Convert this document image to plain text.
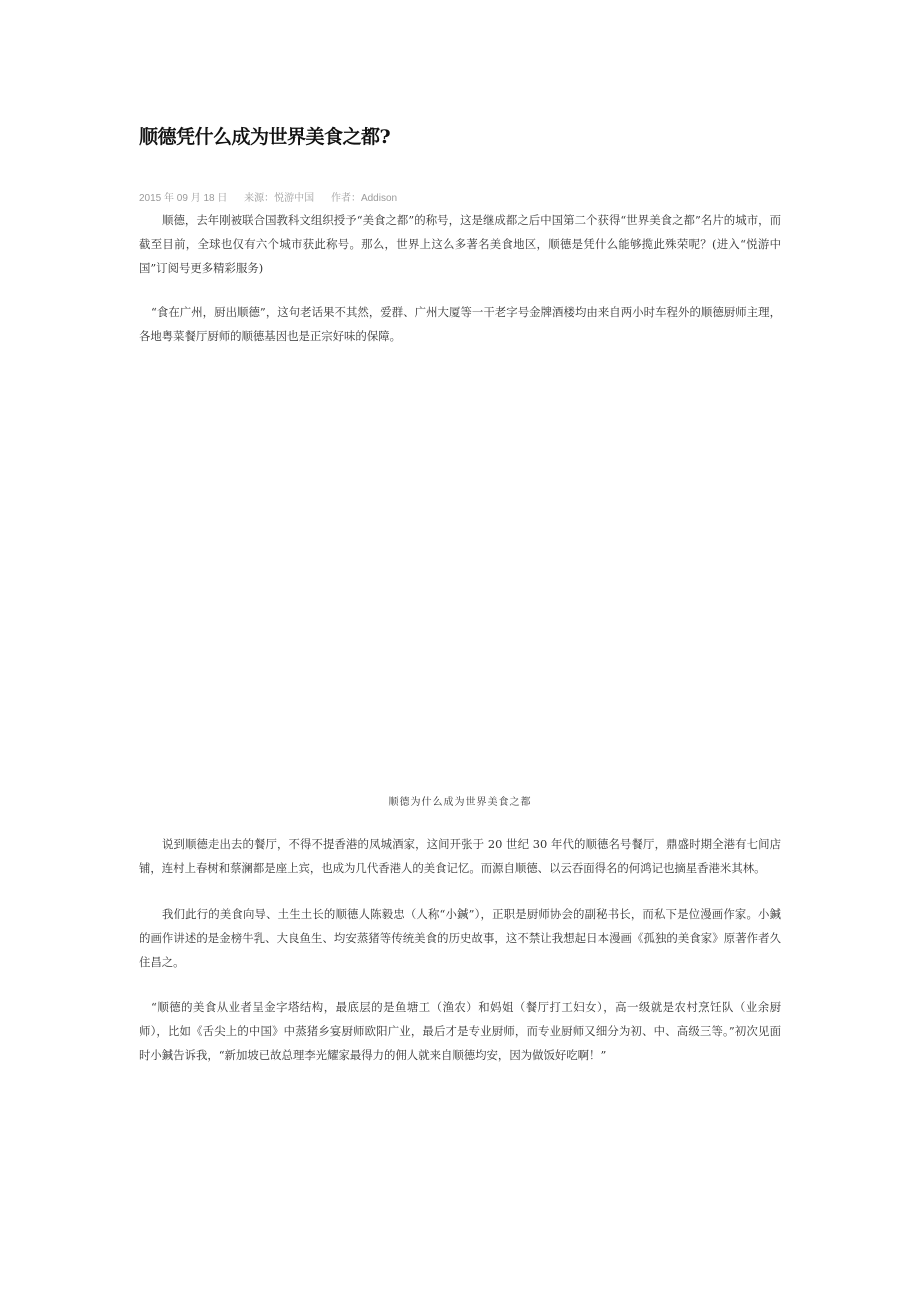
顺德凭什么成为世界美食之都?
2015 年 09 月 18 日 来源：悦游中国 作者：Addison

顺德，去年刚被联合国教科文组织授予“美食之都”的称号，这是继成都之后中国第二个获得“世界美食之都”名片的城市，而截至目前，全球也仅有六个城市获此称号。那么，世界上这么多著名美食地区，顺德是凭什么能够揽此殊荣呢？(进入“悦游中国”订阅号更多精彩服务)

“食在广州，厨出顺德”，这句老话果不其然，爱群、广州大厦等一干老字号金牌酒楼均由来自两小时车程外的顺德厨师主理，各地粤菜餐厅厨师的顺德基因也是正宗好味的保障。

顺德为什么成为世界美食之都

说到顺德走出去的餐厅，不得不提香港的凤城酒家，这间开张于 20 世纪 30 年代的顺德名号餐厅，鼎盛时期全港有七间店铺，连村上春树和蔡澜都是座上宾，也成为几代香港人的美食记忆。而源自顺德、以云吞面得名的何鸿记也摘星香港米其林。

我们此行的美食向导、土生土长的顺德人陈毅忠（人称“小鍼”），正职是厨师协会的副秘书长，而私下是位漫画作家。小鍼的画作讲述的是金榜牛乳、大良鱼生、均安蒸猪等传统美食的历史故事，这不禁让我想起日本漫画《孤独的美食家》原著作者久住昌之。

“顺德的美食从业者呈金字塔结构，最底层的是鱼塘工（渔农）和妈姐（餐厅打工妇女），高一级就是农村烹饪队（业余厨师），比如《舌尖上的中国》中蒸猪乡宴厨师欧阳广业，最后才是专业厨师，而专业厨师又细分为初、中、高级三等。”初次见面时小鍼告诉我，“新加坡已故总理李光耀家最得力的佣人就来自顺德均安，因为做饭好吃啊！”
